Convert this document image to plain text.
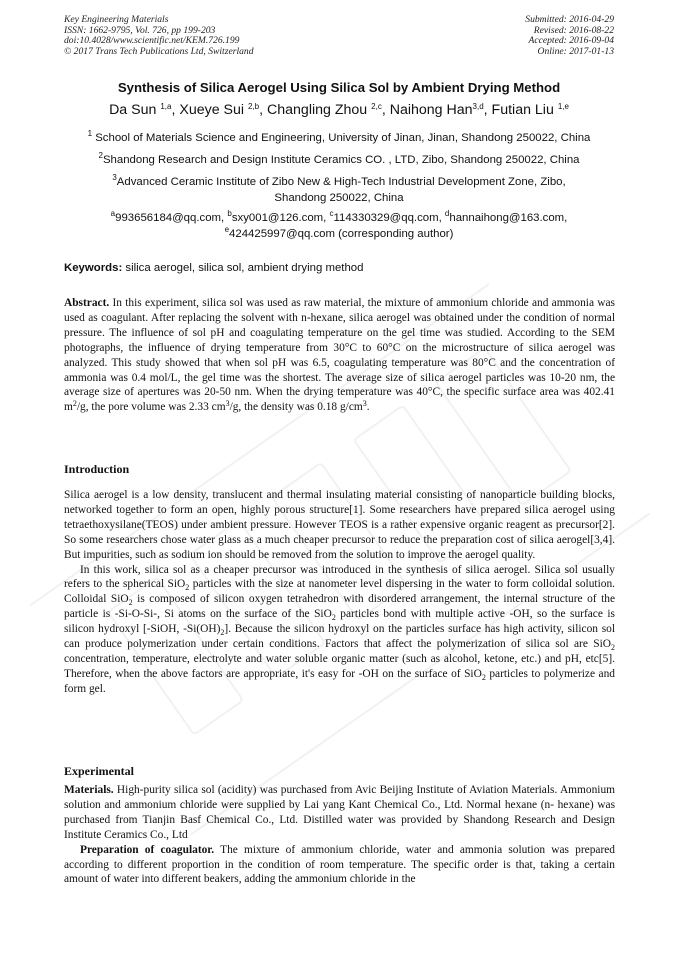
Key Engineering Materials
ISSN: 1662-9795, Vol. 726, pp 199-203
doi:10.4028/www.scientific.net/KEM.726.199
© 2017 Trans Tech Publications Ltd, Switzerland
Submitted: 2016-04-29
Revised: 2016-08-22
Accepted: 2016-09-04
Online: 2017-01-13
Synthesis of Silica Aerogel Using Silica Sol by Ambient Drying Method
Da Sun $^{1,a}$, Xueye Sui $^{2,b}$, Changling Zhou $^{2,c}$, Naihong Han$^{3,d}$, Futian Liu $^{1,e}$
$^1$ School of Materials Science and Engineering, University of Jinan, Jinan, Shandong 250022, China
$^2$Shandong Research and Design Institute Ceramics CO. , LTD, Zibo, Shandong 250022, China
$^3$Advanced Ceramic Institute of Zibo New & High-Tech Industrial Development Zone, Zibo, Shandong 250022, China
$^a$993656184@qq.com, $^b$sxy001@126.com, $^c$114330329@qq.com, $^d$hannaihong@163.com,
$^e$424425997@qq.com (corresponding author)
Keywords: silica aerogel, silica sol, ambient drying method

Abstract. In this experiment, silica sol was used as raw material, the mixture of ammonium chloride and ammonia was used as coagulant. After replacing the solvent with n-hexane, silica aerogel was obtained under the condition of normal pressure. The influence of sol pH and coagulating temperature on the gel time was studied. According to the SEM photographs, the influence of drying temperature from 30°C to 60°C on the microstructure of silica aerogel was analyzed. This study showed that when sol pH was 6.5, coagulating temperature was 80°C and the concentration of ammonia was 0.4 mol/L, the gel time was the shortest. The average size of silica aerogel particles was 10-20 nm, the average size of apertures was 20-50 nm. When the drying temperature was 40°C, the specific surface area was 402.41 $m^2/g$, the pore volume was 2.33 $cm^3/g$, the density was 0.18 $g/cm^3$.

Introduction

Silica aerogel is a low density, translucent and thermal insulating material consisting of nanoparticle building blocks, networked together to form an open, highly porous structure[1]. Some researchers have prepared silica aerogel using tetraethoxysilane(TEOS) under ambient pressure. However TEOS is a rather expensive organic reagent as precursor[2]. So some researchers chose water glass as a much cheaper precursor to reduce the preparation cost of silica aerogel[3,4]. But impurities, such as sodium ion should be removed from the solution to improve the aerogel quality.

In this work, silica sol as a cheaper precursor was introduced in the synthesis of silica aerogel. Silica sol usually refers to the spherical SiO$_2$ particles with the size at nanometer level dispersing in the water to form colloidal solution. Colloidal SiO$_2$ is composed of silicon oxygen tetrahedron with disordered arrangement, the internal structure of the particle is -Si-O-Si-, Si atoms on the surface of the SiO$_2$ particles bond with multiple active -OH, so the surface is silicon hydroxyl [-SiOH, $-Si(OH)_2$]. Because the silicon hydroxyl on the particles surface has high activity, silicon sol can produce polymerization under certain conditions. Factors that affect the polymerization of silica sol are SiO$_2$ concentration, temperature, electrolyte and water soluble organic matter (such as alcohol, ketone, etc.) and pH, etc[5]. Therefore, when the above factors are appropriate, it's easy for -OH on the surface of SiO$_2$ particles to polymerize and form gel.

Experimental

Materials. High-purity silica sol (acidity) was purchased from Avic Beijing Institute of Aviation Materials. Ammonium solution and ammonium chloride were supplied by Lai yang Kant Chemical Co., Ltd. Normal hexane (n- hexane) was purchased from Tianjin Basf Chemical Co., Ltd. Distilled water was provided by Shandong Research and Design Institute Ceramics Co., Ltd

Preparation of coagulator. The mixture of ammonium chloride, water and ammonia solution was prepared according to different proportion in the condition of room temperature. The specific order is that, taking a certain amount of water into different beakers, adding the ammonium chloride in the
